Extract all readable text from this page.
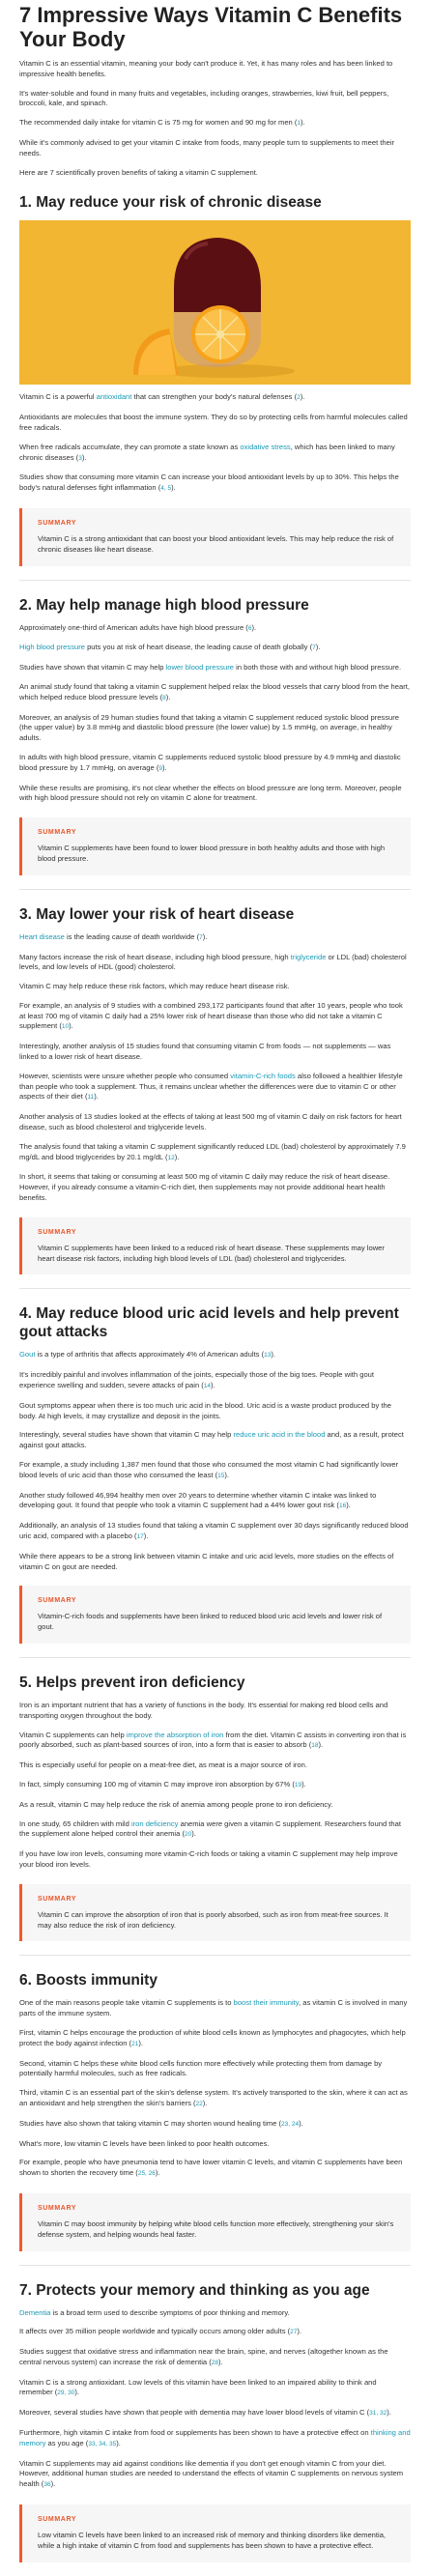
7 Impressive Ways Vitamin C Benefits Your Body

Vitamin C is an essential vitamin, meaning your body can't produce it. Yet, it has many roles and has been linked to impressive health benefits.

It's water-soluble and found in many fruits and vegetables, including oranges, strawberries, kiwi fruit, bell peppers, broccoli, kale, and spinach.

The recommended daily intake for vitamin C is 75 mg for women and 90 mg for men (1).

While it's commonly advised to get your vitamin C intake from foods, many people turn to supplements to meet their needs.

Here are 7 scientifically proven benefits of taking a vitamin C supplement.

1. May reduce your risk of chronic disease

Vitamin C is a powerful antioxidant that can strengthen your body's natural defenses (2).

Antioxidants are molecules that boost the immune system. They do so by protecting cells from harmful molecules called free radicals.

When free radicals accumulate, they can promote a state known as oxidative stress, which has been linked to many chronic diseases (3).

Studies show that consuming more vitamin C can increase your blood antioxidant levels by up to 30%. This helps the body's natural defenses fight inflammation (4, 5).

SUMMARY

Vitamin C is a strong antioxidant that can boost your blood antioxidant levels. This may help reduce the risk of chronic diseases like heart disease.

2. May help manage high blood pressure

Approximately one-third of American adults have high blood pressure (6).

High blood pressure puts you at risk of heart disease, the leading cause of death globally (7).

Studies have shown that vitamin C may help lower blood pressure in both those with and without high blood pressure.

An animal study found that taking a vitamin C supplement helped relax the blood vessels that carry blood from the heart, which helped reduce blood pressure levels (8).

Moreover, an analysis of 29 human studies found that taking a vitamin C supplement reduced systolic blood pressure (the upper value) by 3.8 mmHg and diastolic blood pressure (the lower value) by 1.5 mmHg, on average, in healthy adults.

In adults with high blood pressure, vitamin C supplements reduced systolic blood pressure by 4.9 mmHg and diastolic blood pressure by 1.7 mmHg, on average (9).

While these results are promising, it's not clear whether the effects on blood pressure are long term. Moreover, people with high blood pressure should not rely on vitamin C alone for treatment.

SUMMARY

Vitamin C supplements have been found to lower blood pressure in both healthy adults and those with high blood pressure.

3. May lower your risk of heart disease

Heart disease is the leading cause of death worldwide (7).

Many factors increase the risk of heart disease, including high blood pressure, high triglyceride or LDL (bad) cholesterol levels, and low levels of HDL (good) cholesterol.

Vitamin C may help reduce these risk factors, which may reduce heart disease risk.

For example, an analysis of 9 studies with a combined 293,172 participants found that after 10 years, people who took at least 700 mg of vitamin C daily had a 25% lower risk of heart disease than those who did not take a vitamin C supplement (10).

Interestingly, another analysis of 15 studies found that consuming vitamin C from foods — not supplements — was linked to a lower risk of heart disease.

However, scientists were unsure whether people who consumed vitamin-C-rich foods also followed a healthier lifestyle than people who took a supplement. Thus, it remains unclear whether the differences were due to vitamin C or other aspects of their diet (11).

Another analysis of 13 studies looked at the effects of taking at least 500 mg of vitamin C daily on risk factors for heart disease, such as blood cholesterol and triglyceride levels.

The analysis found that taking a vitamin C supplement significantly reduced LDL (bad) cholesterol by approximately 7.9 mg/dL and blood triglycerides by 20.1 mg/dL (12).

In short, it seems that taking or consuming at least 500 mg of vitamin C daily may reduce the risk of heart disease. However, if you already consume a vitamin-C-rich diet, then supplements may not provide additional heart health benefits.

SUMMARY

Vitamin C supplements have been linked to a reduced risk of heart disease. These supplements may lower heart disease risk factors, including high blood levels of LDL (bad) cholesterol and triglycerides.

4. May reduce blood uric acid levels and help prevent gout attacks

Gout is a type of arthritis that affects approximately 4% of American adults (13).

It's incredibly painful and involves inflammation of the joints, especially those of the big toes. People with gout experience swelling and sudden, severe attacks of pain (14).

Gout symptoms appear when there is too much uric acid in the blood. Uric acid is a waste product produced by the body. At high levels, it may crystallize and deposit in the joints.

Interestingly, several studies have shown that vitamin C may help reduce uric acid in the blood and, as a result, protect against gout attacks.

For example, a study including 1,387 men found that those who consumed the most vitamin C had significantly lower blood levels of uric acid than those who consumed the least (15).

Another study followed 46,994 healthy men over 20 years to determine whether vitamin C intake was linked to developing gout. It found that people who took a vitamin C supplement had a 44% lower gout risk (16).

Additionally, an analysis of 13 studies found that taking a vitamin C supplement over 30 days significantly reduced blood uric acid, compared with a placebo (17).

While there appears to be a strong link between vitamin C intake and uric acid levels, more studies on the effects of vitamin C on gout are needed.

SUMMARY

Vitamin-C-rich foods and supplements have been linked to reduced blood uric acid levels and lower risk of gout.

5. Helps prevent iron deficiency

Iron is an important nutrient that has a variety of functions in the body. It's essential for making red blood cells and transporting oxygen throughout the body.

Vitamin C supplements can help improve the absorption of iron from the diet. Vitamin C assists in converting iron that is poorly absorbed, such as plant-based sources of iron, into a form that is easier to absorb (18).

This is especially useful for people on a meat-free diet, as meat is a major source of iron.

In fact, simply consuming 100 mg of vitamin C may improve iron absorption by 67% (19).

As a result, vitamin C may help reduce the risk of anemia among people prone to iron deficiency.

In one study, 65 children with mild iron deficiency anemia were given a vitamin C supplement. Researchers found that the supplement alone helped control their anemia (20).

If you have low iron levels, consuming more vitamin-C-rich foods or taking a vitamin C supplement may help improve your blood iron levels.

SUMMARY

Vitamin C can improve the absorption of iron that is poorly absorbed, such as iron from meat-free sources. It may also reduce the risk of iron deficiency.

6. Boosts immunity

One of the main reasons people take vitamin C supplements is to boost their immunity, as vitamin C is involved in many parts of the immune system.

First, vitamin C helps encourage the production of white blood cells known as lymphocytes and phagocytes, which help protect the body against infection (21).

Second, vitamin C helps these white blood cells function more effectively while protecting them from damage by potentially harmful molecules, such as free radicals.

Third, vitamin C is an essential part of the skin's defense system. It's actively transported to the skin, where it can act as an antioxidant and help strengthen the skin's barriers (22).

Studies have also shown that taking vitamin C may shorten wound healing time (23, 24).

What's more, low vitamin C levels have been linked to poor health outcomes.

For example, people who have pneumonia tend to have lower vitamin C levels, and vitamin C supplements have been shown to shorten the recovery time (25, 26).

SUMMARY

Vitamin C may boost immunity by helping white blood cells function more effectively, strengthening your skin's defense system, and helping wounds heal faster.

7. Protects your memory and thinking as you age

Dementia is a broad term used to describe symptoms of poor thinking and memory.

It affects over 35 million people worldwide and typically occurs among older adults (27).

Studies suggest that oxidative stress and inflammation near the brain, spine, and nerves (altogether known as the central nervous system) can increase the risk of dementia (28).

Vitamin C is a strong antioxidant. Low levels of this vitamin have been linked to an impaired ability to think and remember (29, 30).

Moreover, several studies have shown that people with dementia may have lower blood levels of vitamin C (31, 32).

Furthermore, high vitamin C intake from food or supplements has been shown to have a protective effect on thinking and memory as you age (33, 34, 35).

Vitamin C supplements may aid against conditions like dementia if you don't get enough vitamin C from your diet. However, additional human studies are needed to understand the effects of vitamin C supplements on nervous system health (36).

SUMMARY

Low vitamin C levels have been linked to an increased risk of memory and thinking disorders like dementia, while a high intake of vitamin C from food and supplements has been shown to have a protective effect.
